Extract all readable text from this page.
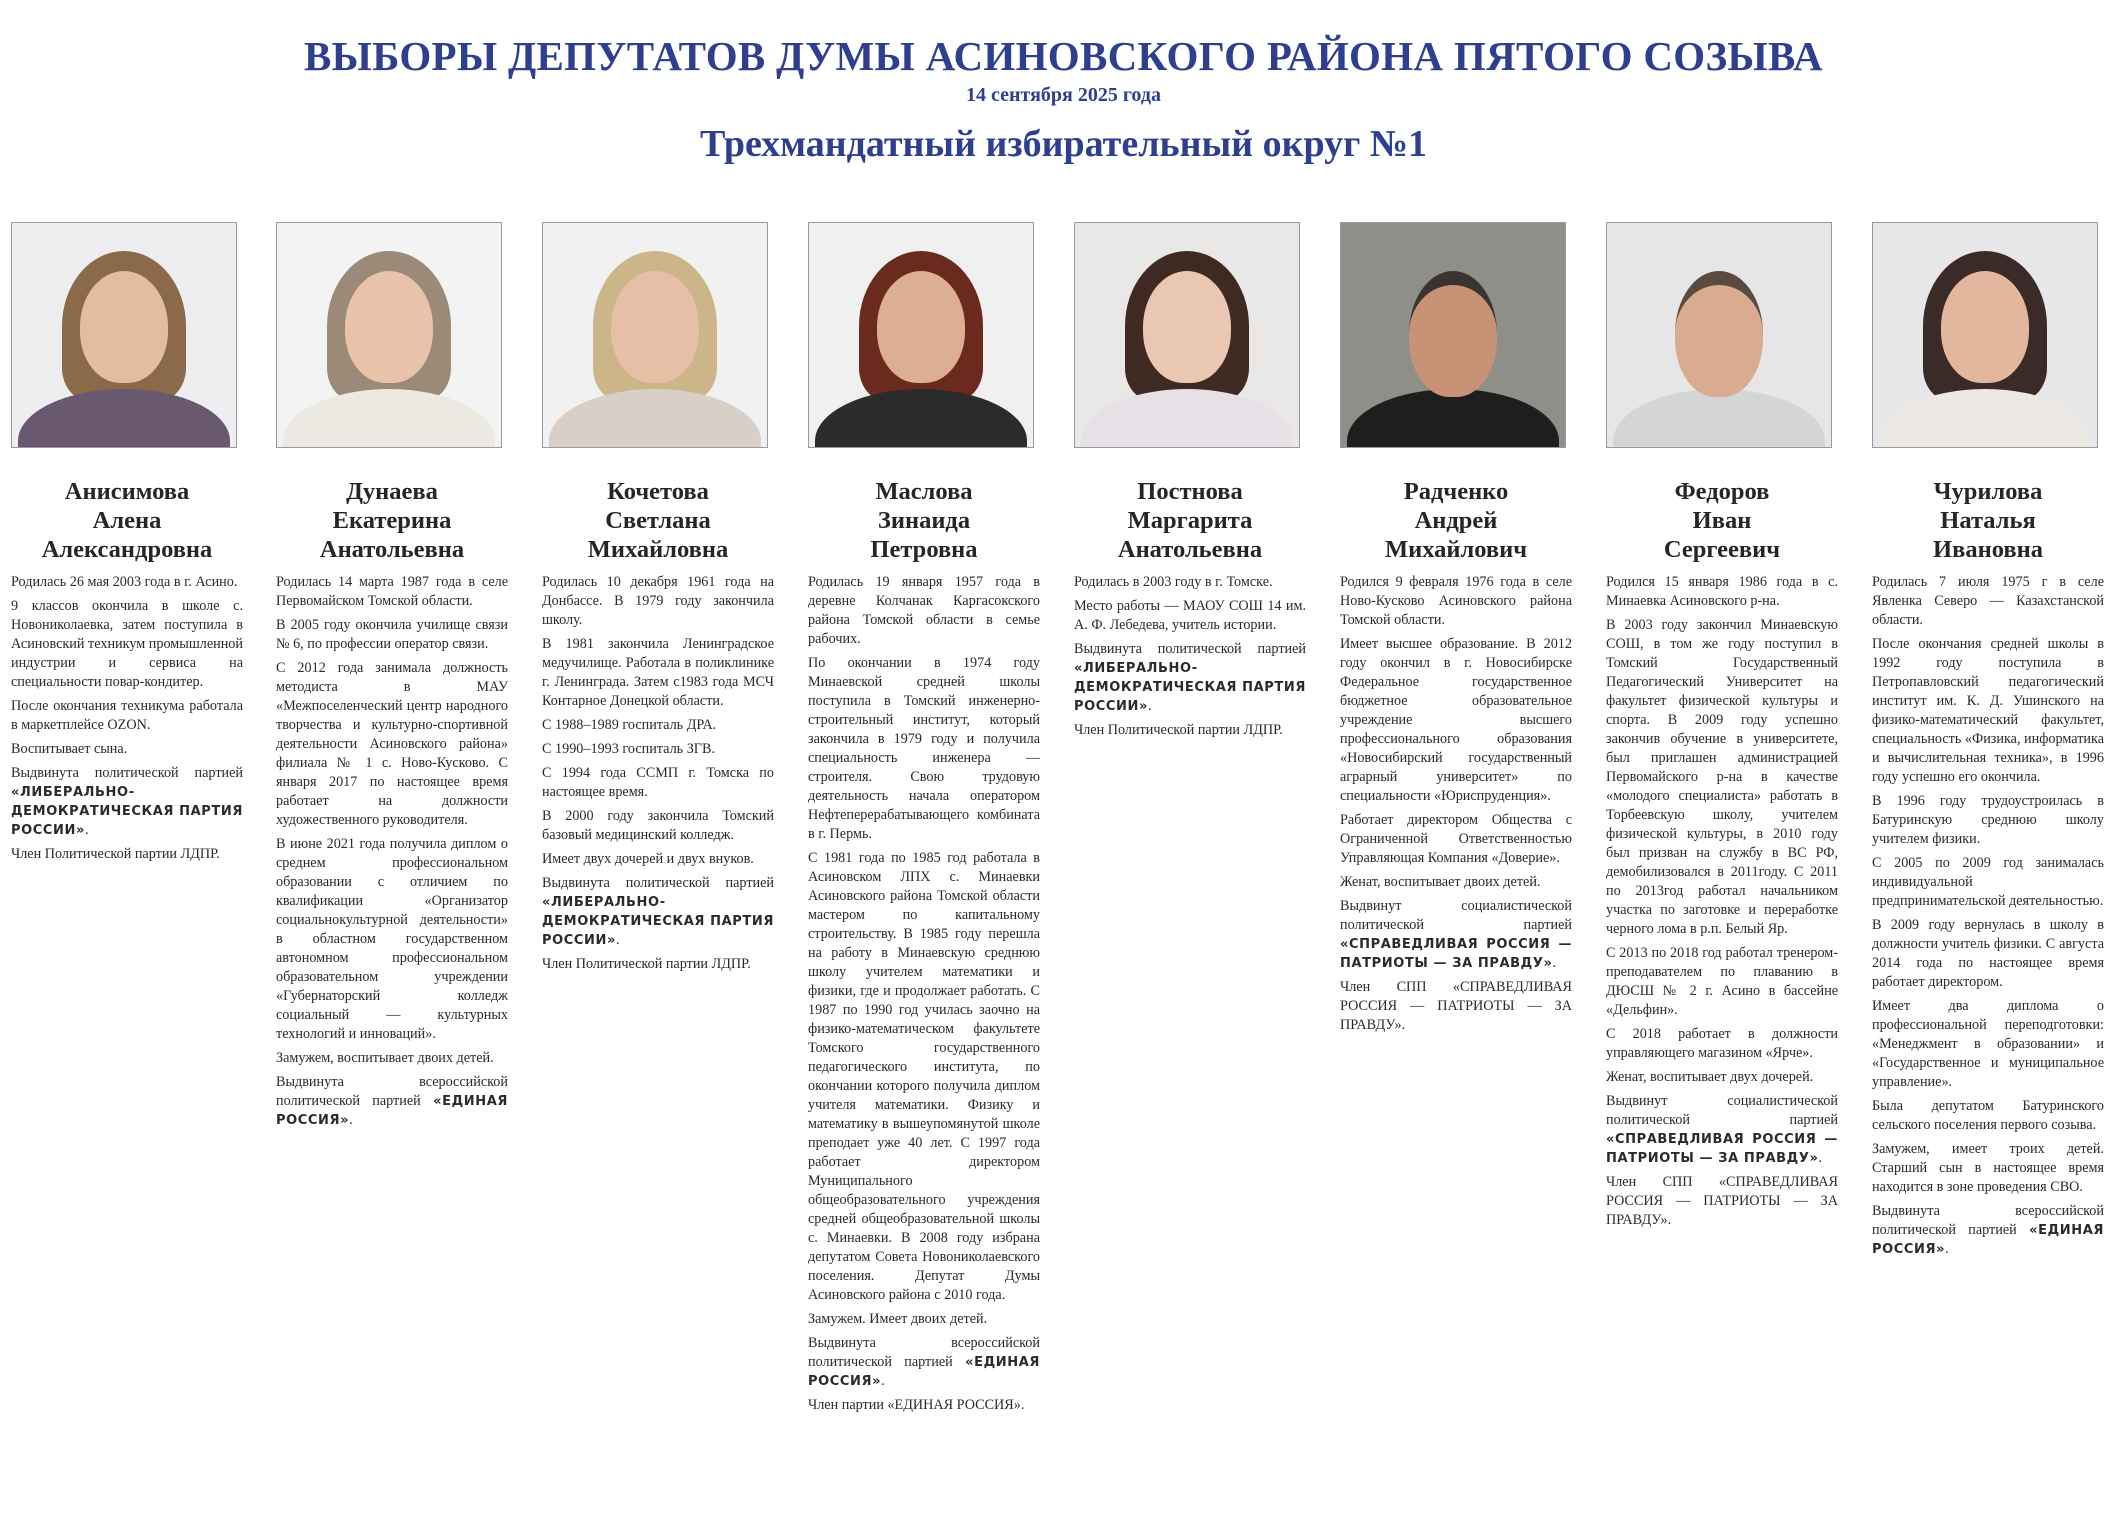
ВЫБОРЫ ДЕПУТАТОВ ДУМЫ АСИНОВСКОГО РАЙОНА ПЯТОГО СОЗЫВА
14 сентября 2025 года
Трехмандатный избирательный округ №1
Анисимова
Алена
Александровна

Родилась 26 мая 2003 года в г. Асино.

9 классов окончила в школе с. Новониколаевка, затем поступила в Асиновский техникум промышленной индустрии и сервиса на специальности повар-кондитер.

После окончания техникума работала в маркетплейсе OZON.

Воспитывает сына.

Выдвинута политической партией «ЛИБЕРАЛЬНО-ДЕМОКРАТИЧЕСКАЯ ПАРТИЯ РОССИИ».

Член Политической партии ЛДПР.

Дунаева
Екатерина
Анатольевна

Родилась 14 марта 1987 года в селе Первомайском Томской области.

В 2005 году окончила училище связи № 6, по профессии оператор связи.

С 2012 года занимала должность методиста в МАУ «Межпоселенческий центр народного творчества и культурно-спортивной деятельности Асиновского района» филиала № 1 с. Ново-Кусково. С января 2017 по настоящее время работает на должности художественного руководителя.

В июне 2021 года получила диплом о среднем профессиональном образовании с отличием по квалификации «Организатор социальнокультурной деятельности» в областном государственном автономном профессиональном образовательном учреждении «Губернаторский колледж социальный — культурных технологий и инноваций».

Замужем, воспитывает двоих детей.

Выдвинута всероссийской политической партией «ЕДИНАЯ РОССИЯ».

Кочетова
Светлана
Михайловна

Родилась 10 декабря 1961 года на Донбассе. В 1979 году закончила школу.

В 1981 закончила Ленинградское медучилище. Работала в поликлинике г. Ленинграда. Затем с1983 года МСЧ Контарное Донецкой области.

С 1988–1989 госпиталь ДРА.

С 1990–1993 госпиталь ЗГВ.

С 1994 года ССМП г. Томска по настоящее время.

В 2000 году закончила Томский базовый медицинский колледж.

Имеет двух дочерей и двух внуков.

Выдвинута политической партией «ЛИБЕРАЛЬНО-ДЕМОКРАТИЧЕСКАЯ ПАРТИЯ РОССИИ».

Член Политической партии ЛДПР.

Маслова
Зинаида
Петровна

Родилась 19 января 1957 года в деревне Колчанак Каргасокского района Томской области в семье рабочих.

По окончании в 1974 году Минаевской средней школы поступила в Томский инженерно-строительный институт, который закончила в 1979 году и получила специальность инженера — строителя. Свою трудовую деятельность начала оператором Нефтеперерабатывающего комбината в г. Пермь.

С 1981 года по 1985 год работала в Асиновском ЛПХ с. Минаевки Асиновского района Томской области мастером по капитальному строительству. В 1985 году перешла на работу в Минаевскую среднюю школу учителем математики и физики, где и продолжает работать. С 1987 по 1990 год училась заочно на физико-математическом факультете Томского государственного педагогического института, по окончании которого получила диплом учителя математики. Физику и математику в вышеупомянутой школе преподает уже 40 лет. С 1997 года работает директором Муниципального общеобразовательного учреждения средней общеобразовательной школы с. Минаевки. В 2008 году избрана депутатом Совета Новониколаевского поселения. Депутат Думы Асиновского района с 2010 года.

Замужем. Имеет двоих детей.

Выдвинута всероссийской политической партией «ЕДИНАЯ РОССИЯ».

Член партии «ЕДИНАЯ РОССИЯ».

Постнова
Маргарита
Анатольевна

Родилась в 2003 году в г. Томске.

Место работы — МАОУ СОШ 14 им. А. Ф. Лебедева, учитель истории.

Выдвинута политической партией «ЛИБЕРАЛЬНО-ДЕМОКРАТИЧЕСКАЯ ПАРТИЯ РОССИИ».

Член Политической партии ЛДПР.

Радченко
Андрей
Михайлович

Родился 9 февраля 1976 года в селе Ново-Кусково Асиновского района Томской области.

Имеет высшее образование. В 2012 году окончил в г. Новосибирске Федеральное государственное бюджетное образовательное учреждение высшего профессионального образования «Новосибирский государственный аграрный университет» по специальности «Юриспруденция».

Работает директором Общества с Ограниченной Ответственностью Управляющая Компания «Доверие».

Женат, воспитывает двоих детей.

Выдвинут социалистической политической партией «СПРАВЕДЛИВАЯ РОССИЯ — ПАТРИОТЫ — ЗА ПРАВДУ».

Член СПП «СПРАВЕДЛИВАЯ РОССИЯ — ПАТРИОТЫ — ЗА ПРАВДУ».

Федоров
Иван
Сергеевич

Родился 15 января 1986 года в с. Минаевка Асиновского р-на.

В 2003 году закончил Минаевскую СОШ, в том же году поступил в Томский Государственный Педагогический Университет на факультет физической культуры и спорта. В 2009 году успешно закончив обучение в университете, был приглашен администрацией Первомайского р-на в качестве «молодого специалиста» работать в Торбеевскую школу, учителем физической культуры, в 2010 году был призван на службу в ВС РФ, демобилизовался в 2011году. С 2011 по 2013год работал начальником участка по заготовке и переработке черного лома в р.п. Белый Яр.

С 2013 по 2018 год работал тренером-преподавателем по плаванию в ДЮСШ № 2 г. Асино в бассейне «Дельфин».

С 2018 работает в должности управляющего магазином «Ярче».

Женат, воспитывает двух дочерей.

Выдвинут социалистической политической партией «СПРАВЕДЛИВАЯ РОССИЯ — ПАТРИОТЫ — ЗА ПРАВДУ».

Член СПП «СПРАВЕДЛИВАЯ РОССИЯ — ПАТРИОТЫ — ЗА ПРАВДУ».

Чурилова
Наталья
Ивановна

Родилась 7 июля 1975 г в селе Явленка Северо — Казахстанской области.

После окончания средней школы в 1992 году поступила в Петропавловский педагогический институт им. К. Д. Ушинского на физико-математический факультет, специальность «Физика, информатика и вычислительная техника», в 1996 году успешно его окончила.

В 1996 году трудоустроилась в Батуринскую среднюю школу учителем физики.

С 2005 по 2009 год занималась индивидуальной предпринимательской деятельностью.

В 2009 году вернулась в школу в должности учитель физики. С августа 2014 года по настоящее время работает директором.

Имеет два диплома о профессиональной переподготовки: «Менеджмент в образовании» и «Государственное и муниципальное управление».

Была депутатом Батуринского сельского поселения первого созыва.

Замужем, имеет троих детей. Старший сын в настоящее время находится в зоне проведения СВО.

Выдвинута всероссийской политической партией «ЕДИНАЯ РОССИЯ».
